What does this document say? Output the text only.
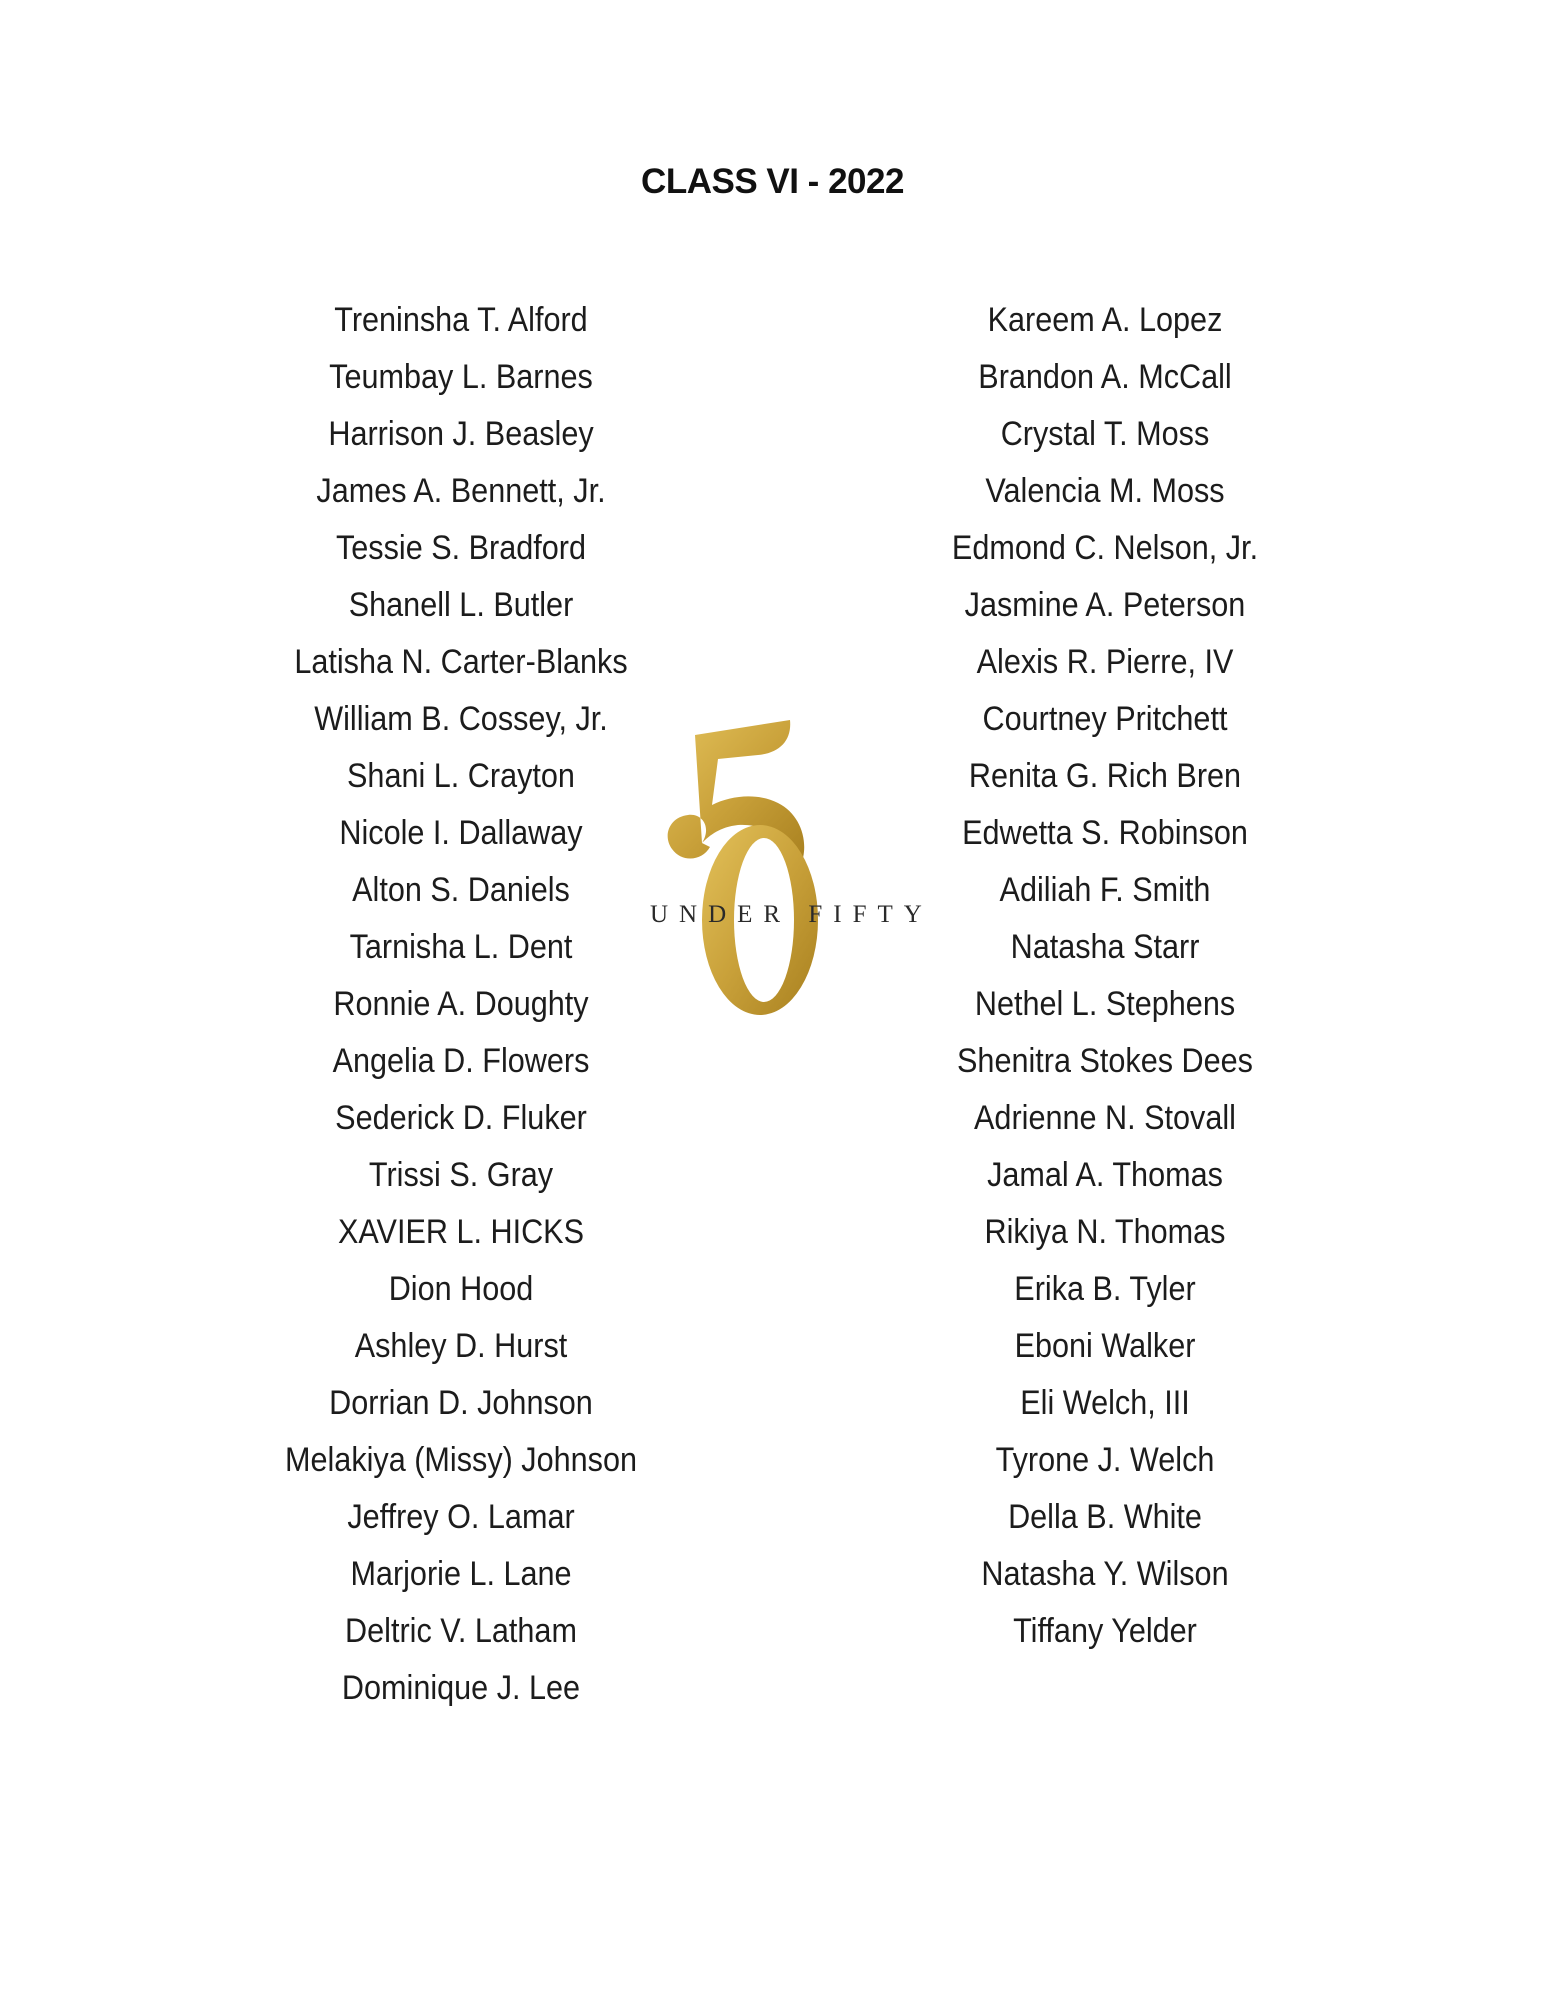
CLASS VI - 2022
Treninsha T. Alford
Teumbay L. Barnes
Harrison J. Beasley
James A. Bennett, Jr.
Tessie S. Bradford
Shanell L. Butler
Latisha N. Carter-Blanks
William B. Cossey, Jr.
Shani L. Crayton
Nicole I. Dallaway
Alton S. Daniels
Tarnisha L. Dent
Ronnie A. Doughty
Angelia D. Flowers
Sederick D. Fluker
Trissi S. Gray
XAVIER L. HICKS
Dion Hood
Ashley D. Hurst
Dorrian D. Johnson
Melakiya (Missy) Johnson
Jeffrey O. Lamar
Marjorie L. Lane
Deltric V. Latham
Dominique J. Lee
Kareem A. Lopez
Brandon A. McCall
Crystal T. Moss
Valencia M. Moss
Edmond C. Nelson, Jr.
Jasmine A. Peterson
Alexis R. Pierre, IV
Courtney Pritchett
Renita G. Rich Bren
Edwetta S. Robinson
Adiliah F. Smith
Natasha Starr
Nethel L. Stephens
Shenitra Stokes Dees
Adrienne N. Stovall
Jamal A. Thomas
Rikiya N. Thomas
Erika B. Tyler
Eboni Walker
Eli Welch, III
Tyrone J. Welch
Della B. White
Natasha Y. Wilson
Tiffany Yelder
UNDER FIFTY
